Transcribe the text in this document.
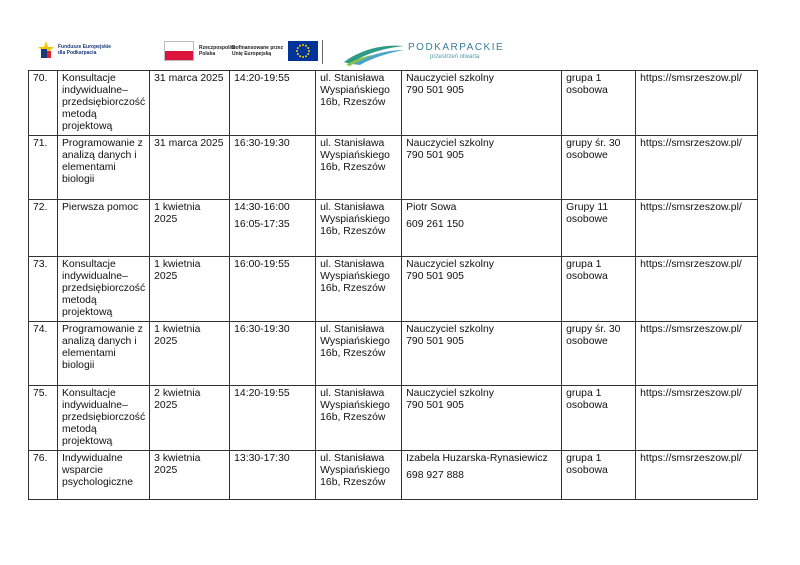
Fundusze Europejskie
dla Podkarpacia
Rzeczpospolita
Polska
Dofinansowane przez
Unię Europejską
PODKARPACKIE
przestrzeń otwarta
70.	Konsultacje indywidualne–przedsiębiorczość metodą projektową	31 marca 2025	14:20-19:55	ul. Stanisława Wyspiańskiego 16b, Rzeszów	Nauczyciel szkolny
790 501 905	grupa 1 osobowa	https://smsrzeszow.pl/
71.	Programowanie z analizą danych i elementami biologii	31 marca 2025	16:30-19:30	ul. Stanisława Wyspiańskiego 16b, Rzeszów	Nauczyciel szkolny
790 501 905	grupy śr. 30 osobowe	https://smsrzeszow.pl/
72.	Pierwsza pomoc	1 kwietnia 2025	14:30-16:00
16:05-17:35	ul. Stanisława Wyspiańskiego 16b, Rzeszów	Piotr Sowa
609 261 150	Grupy 11 osobowe	https://smsrzeszow.pl/
73.	Konsultacje indywidualne–przedsiębiorczość metodą projektową	1 kwietnia 2025	16:00-19:55	ul. Stanisława Wyspiańskiego 16b, Rzeszów	Nauczyciel szkolny
790 501 905	grupa 1 osobowa	https://smsrzeszow.pl/
74.	Programowanie z analizą danych i elementami biologii	1 kwietnia 2025	16:30-19:30	ul. Stanisława Wyspiańskiego 16b, Rzeszów	Nauczyciel szkolny
790 501 905	grupy śr. 30 osobowe	https://smsrzeszow.pl/
75.	Konsultacje indywidualne–przedsiębiorczość metodą projektową	2 kwietnia 2025	14:20-19:55	ul. Stanisława Wyspiańskiego 16b, Rzeszów	Nauczyciel szkolny
790 501 905	grupa 1 osobowa	https://smsrzeszow.pl/
76.	Indywidualne wsparcie psychologiczne	3 kwietnia 2025	13:30-17:30	ul. Stanisława Wyspiańskiego 16b, Rzeszów	Izabela Huzarska-Rynasiewicz
698 927 888	grupa 1 osobowa	https://smsrzeszow.pl/
